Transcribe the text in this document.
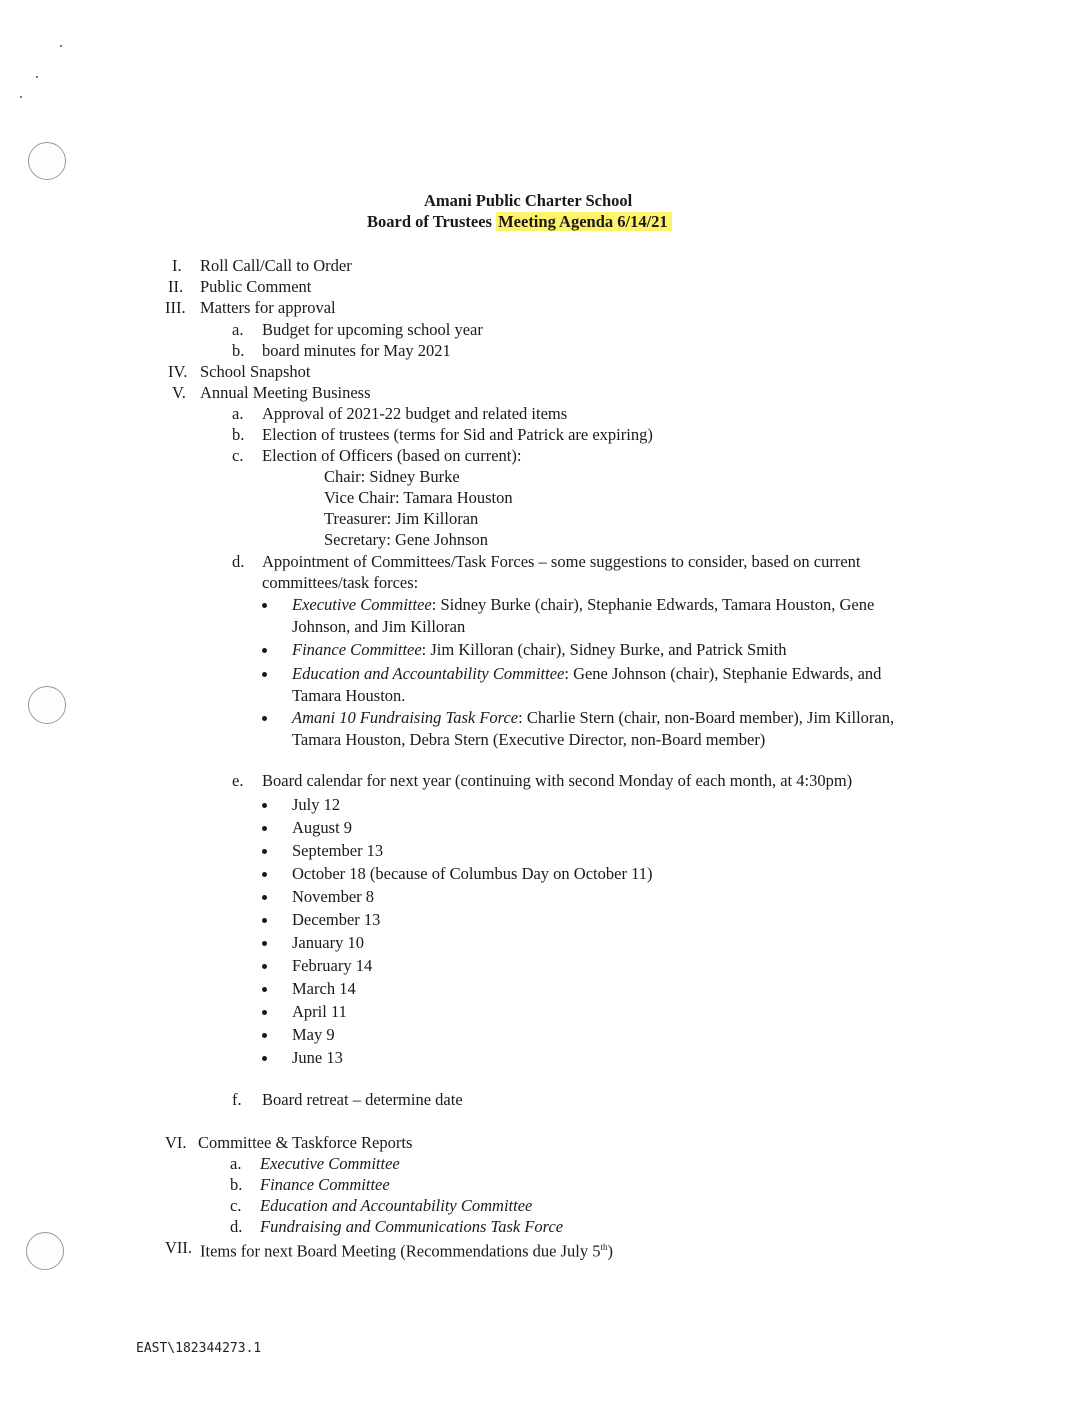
Amani Public Charter School
Board of Trustees Meeting Agenda 6/14/21
I. Roll Call/Call to Order
II. Public Comment
III. Matters for approval
a. Budget for upcoming school year
b. board minutes for May 2021
IV. School Snapshot
V. Annual Meeting Business
a. Approval of 2021-22 budget and related items
b. Election of trustees (terms for Sid and Patrick are expiring)
c. Election of Officers (based on current):
Chair: Sidney Burke
Vice Chair: Tamara Houston
Treasurer: Jim Killoran
Secretary: Gene Johnson
d. Appointment of Committees/Task Forces – some suggestions to consider, based on current
committees/task forces:
Executive Committee: Sidney Burke (chair), Stephanie Edwards, Tamara Houston, Gene
Johnson, and Jim Killoran
Finance Committee: Jim Killoran (chair), Sidney Burke, and Patrick Smith
Education and Accountability Committee: Gene Johnson (chair), Stephanie Edwards, and
Tamara Houston.
Amani 10 Fundraising Task Force: Charlie Stern (chair, non-Board member), Jim Killoran,
Tamara Houston, Debra Stern (Executive Director, non-Board member)
e. Board calendar for next year (continuing with second Monday of each month, at 4:30pm)
July 12
August 9
September 13
October 18 (because of Columbus Day on October 11)
November 8
December 13
January 10
February 14
March 14
April 11
May 9
June 13
f. Board retreat – determine date
VI. Committee & Taskforce Reports
a. Executive Committee
b. Finance Committee
c. Education and Accountability Committee
d. Fundraising and Communications Task Force
VII. Items for next Board Meeting (Recommendations due July 5th)
EAST\182344273.1
